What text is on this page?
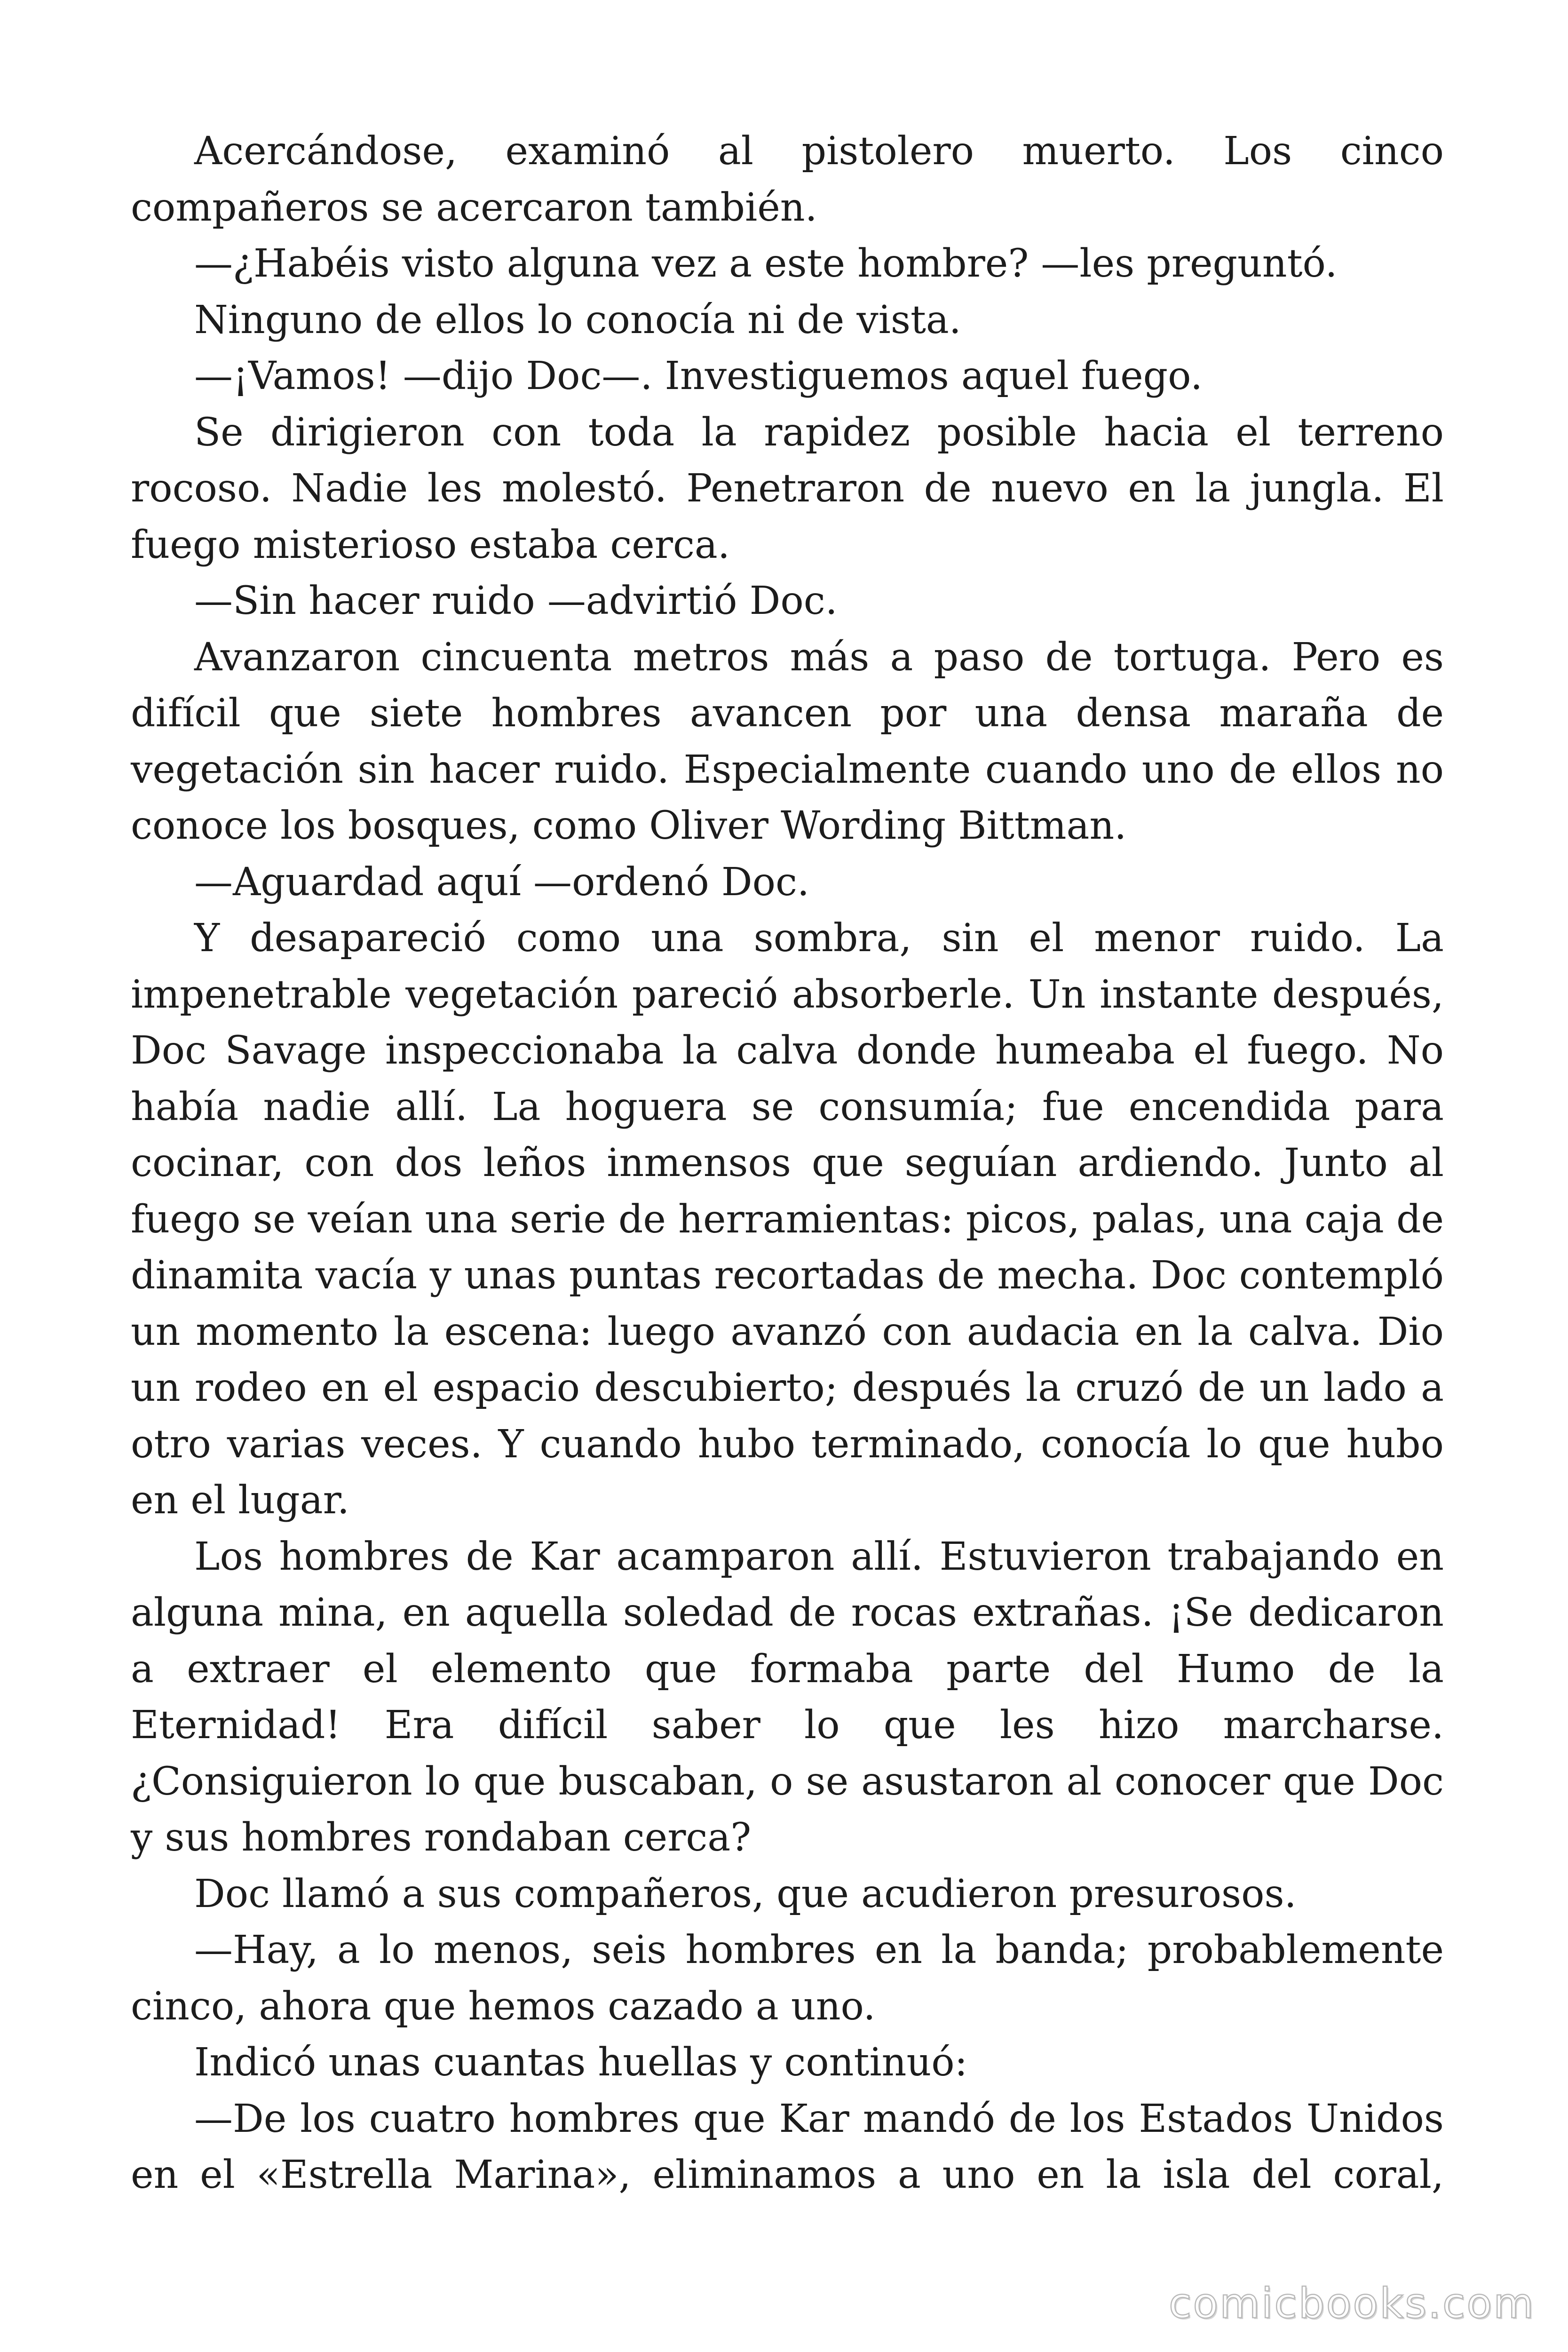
Acercándose, examinó al pistolero muerto. Los cinco compañeros se acercaron también.

—¿Habéis visto alguna vez a este hombre? —les preguntó.

Ninguno de ellos lo conocía ni de vista.

—¡Vamos! —dijo Doc—. Investiguemos aquel fuego.

Se dirigieron con toda la rapidez posible hacia el terreno rocoso. Nadie les molestó. Penetraron de nuevo en la jungla. El fuego misterioso estaba cerca.

—Sin hacer ruido —advirtió Doc.

Avanzaron cincuenta metros más a paso de tortuga. Pero es difícil que siete hombres avancen por una densa maraña de vegetación sin hacer ruido. Especialmente cuando uno de ellos no conoce los bosques, como Oliver Wording Bittman.

—Aguardad aquí —ordenó Doc.

Y desapareció como una sombra, sin el menor ruido. La impenetrable vegetación pareció absorberle. Un instante después, Doc Savage inspeccionaba la calva donde humeaba el fuego. No había nadie allí. La hoguera se consumía; fue encendida para cocinar, con dos leños inmensos que seguían ardiendo. Junto al fuego se veían una serie de herramientas: picos, palas, una caja de dinamita vacía y unas puntas recortadas de mecha. Doc contempló un momento la escena: luego avanzó con audacia en la calva. Dio un rodeo en el espacio descubierto; después la cruzó de un lado a otro varias veces. Y cuando hubo terminado, conocía lo que hubo en el lugar.

Los hombres de Kar acamparon allí. Estuvieron trabajando en alguna mina, en aquella soledad de rocas extrañas. ¡Se dedicaron a extraer el elemento que formaba parte del Humo de la Eternidad! Era difícil saber lo que les hizo marcharse. ¿Consiguieron lo que buscaban, o se asustaron al conocer que Doc y sus hombres rondaban cerca?

Doc llamó a sus compañeros, que acudieron presurosos.

—Hay, a lo menos, seis hombres en la banda; probablemente cinco, ahora que hemos cazado a uno.

Indicó unas cuantas huellas y continuó:

—De los cuatro hombres que Kar mandó de los Estados Unidos en el «Estrella Marina», eliminamos a uno en la isla del coral,

comicbooks.com
